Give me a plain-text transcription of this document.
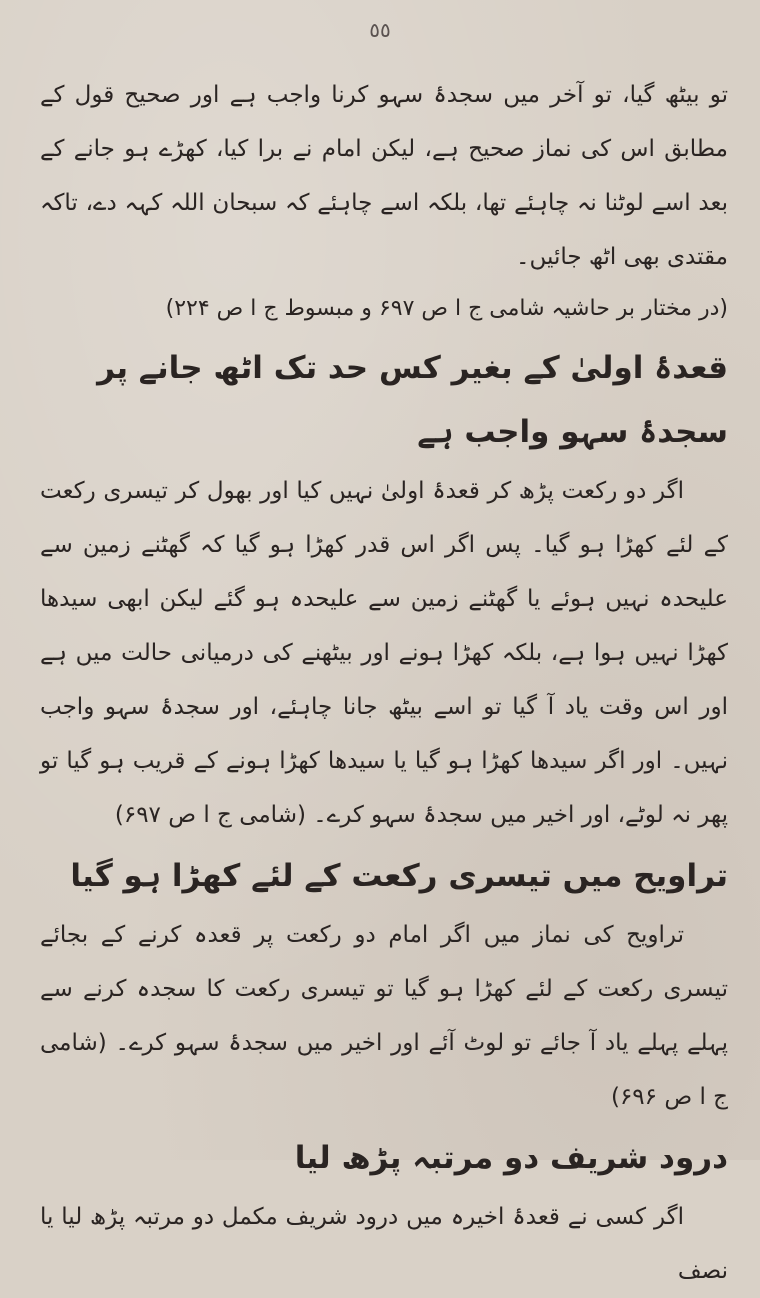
٥٥

تو بیٹھ گیا، تو آخر میں سجدۂ سہو کرنا واجب ہے اور صحیح قول کے مطابق اس کی نماز صحیح ہے، لیکن امام نے برا کیا، کھڑے ہو جانے کے بعد اسے لوٹنا نہ چاہئے تھا، بلکہ اسے چاہئے کہ سبحان اللہ کہہ دے، تاکہ مقتدی بھی اٹھ جائیں۔

(در مختار بر حاشیہ شامی ج ا ص ۶۹۷ و مبسوط ج ا ص ۲۲۴)

قعدۂ اولیٰ کے بغیر کس حد تک اٹھ جانے پر سجدۂ سہو واجب ہے

اگر دو رکعت پڑھ کر قعدۂ اولیٰ نہیں کیا اور بھول کر تیسری رکعت کے لئے کھڑا ہو گیا۔ پس اگر اس قدر کھڑا ہو گیا کہ گھٹنے زمین سے علیحدہ نہیں ہوئے یا گھٹنے زمین سے علیحدہ ہو گئے لیکن ابھی سیدھا کھڑا نہیں ہوا ہے، بلکہ کھڑا ہونے اور بیٹھنے کی درمیانی حالت میں ہے اور اس وقت یاد آ گیا تو اسے بیٹھ جانا چاہئے، اور سجدۂ سہو واجب نہیں۔ اور اگر سیدھا کھڑا ہو گیا یا سیدھا کھڑا ہونے کے قریب ہو گیا تو پھر نہ لوٹے، اور اخیر میں سجدۂ سہو کرے۔ (شامی ج ا ص ۶۹۷)

تراویح میں تیسری رکعت کے لئے کھڑا ہو گیا

تراویح کی نماز میں اگر امام دو رکعت پر قعدہ کرنے کے بجائے تیسری رکعت کے لئے کھڑا ہو گیا تو تیسری رکعت کا سجدہ کرنے سے پہلے پہلے یاد آ جائے تو لوٹ آئے اور اخیر میں سجدۂ سہو کرے۔ (شامی ج ا ص ۶۹۶)

درود شریف دو مرتبہ پڑھ لیا

اگر کسی نے قعدۂ اخیرہ میں درود شریف مکمل دو مرتبہ پڑھ لیا یا نصف
